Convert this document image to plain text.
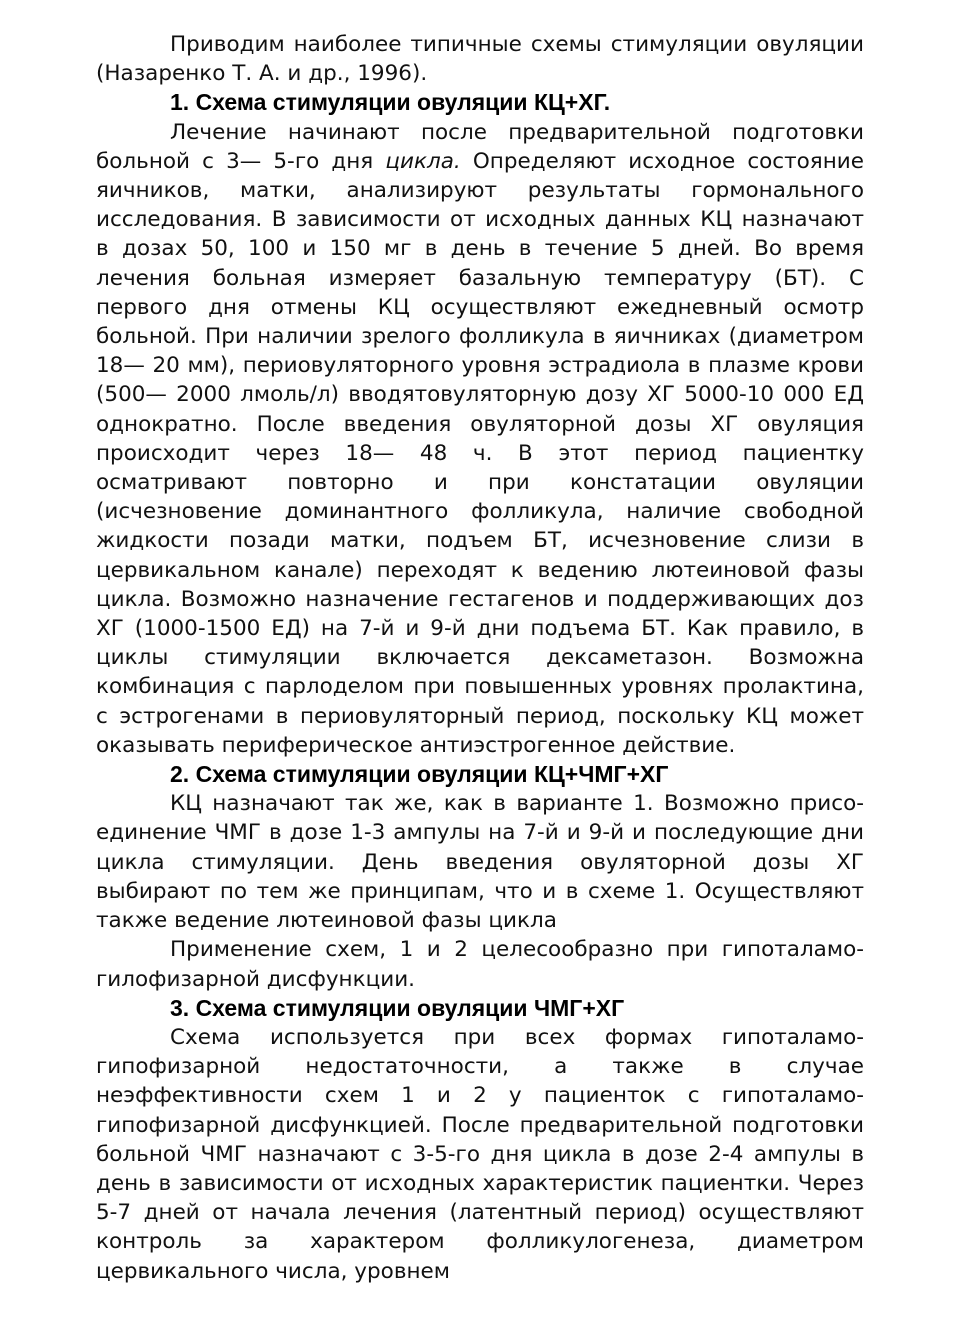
Приводим наиболее типичные схемы стимуляции овуляции (Назаренко Т. А. и др., 1996).

1. Схема стимуляции овуляции КЦ+ХГ.

Лечение начинают после предварительной подготовки больной с 3— 5-го дня цикла. Определяют исходное состояние яичников, матки, анализируют результаты гормонального исследования. В зависимости от исходных данных КЦ назначают в дозах 50, 100 и 150 мг в день в течение 5 дней. Во время лечения больная измеряет базальную температуру (БТ). С первого дня отмены КЦ осуществляют ежедневный осмотр больной. При наличии зрелого фолликула в яичниках (диаметром 18— 20 мм), периовуляторного уровня эстрадиола в плазме крови (500— 2000 лмоль/л) вводятовуляторную дозу ХГ 5000-10 000 ЕД однократно. После введения овуляторной дозы ХГ овуляция происходит через 18— 48 ч. В этот период пациентку осматривают повторно и при констатации овуляции (исчезновение доминантного фолликула, наличие свободной жидкости позади матки, подъем БТ, исчезновение слизи в цервикальном канале) переходят к ведению лютеиновой фазы цикла. Возможно назначение гестагенов и поддерживающих доз ХГ (1000-1500 ЕД) на 7-й и 9-й дни подъема БТ. Как правило, в циклы стимуляции включается дексаметазон. Возможна комбинация с парлоделом при повышенных уровнях пролактина, с эстрогенами в периовуляторный период, поскольку КЦ может оказывать периферическое антиэстрогенное действие.

2. Схема стимуляции овуляции КЦ+ЧМГ+ХГ

КЦ назначают так же, как в варианте 1. Возможно присо-единение ЧМГ в дозе 1-3 ампулы на 7-й и 9-й и последующие дни цикла стимуляции. День введения овуляторной дозы ХГ выбирают по тем же принципам, что и в схеме 1. Осуществляют также ведение лютеиновой фазы цикла

Применение схем, 1 и 2 целесообразно при гипоталамо-гилофизарной дисфункции.

3. Схема стимуляции овуляции ЧМГ+ХГ

Схема используется при всех формах гипоталамо-гипофизарной недостаточности, а также в случае неэффективности схем 1 и 2 у пациенток с гипоталамо-гипофизарной дисфункцией. После предварительной подготовки больной ЧМГ назначают с 3-5-го дня цикла в дозе 2-4 ампулы в день в зависимости от исходных характеристик пациентки. Через 5-7 дней от начала лечения (латентный период) осуществляют контроль за характером фолликулогенеза, диаметром цервикального числа, уровнем
